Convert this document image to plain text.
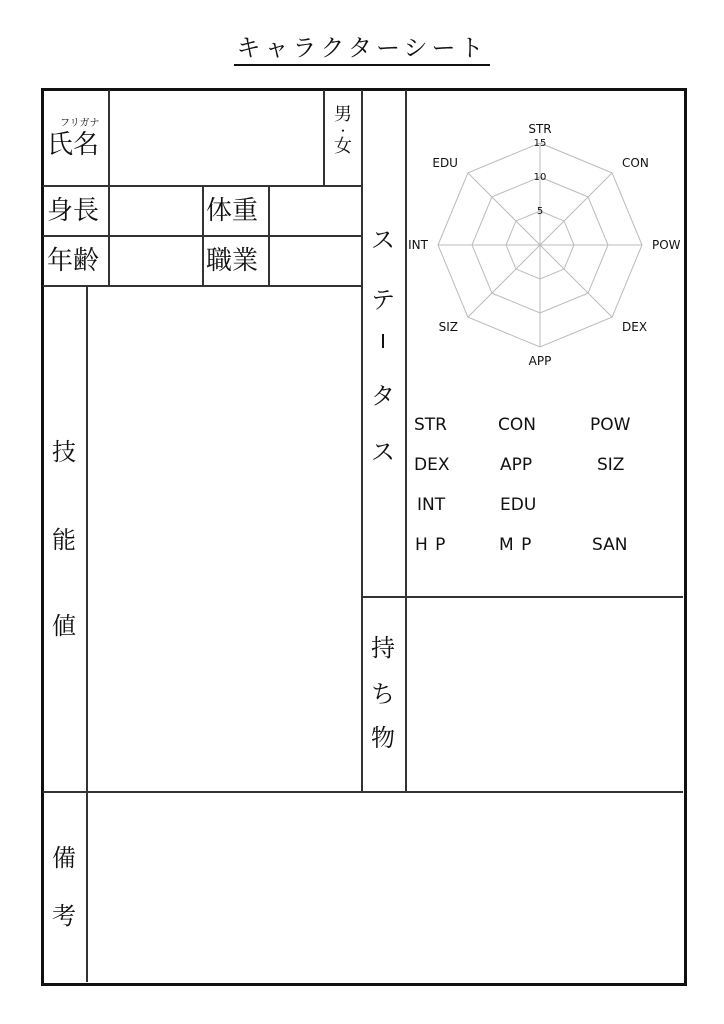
キャラクターシート
フリガナ
氏名
男
・
女
身長	体重
年齢	職業
技
能
値
ス
テ
タ
ス
STR
CON
POW
DEX
APP
SIZ
INT
EDU
5
10
15
STR	CON	POW
DEX	APP	SIZ
INT	EDU
H P	M P	SAN
持
ち
物
備
考
